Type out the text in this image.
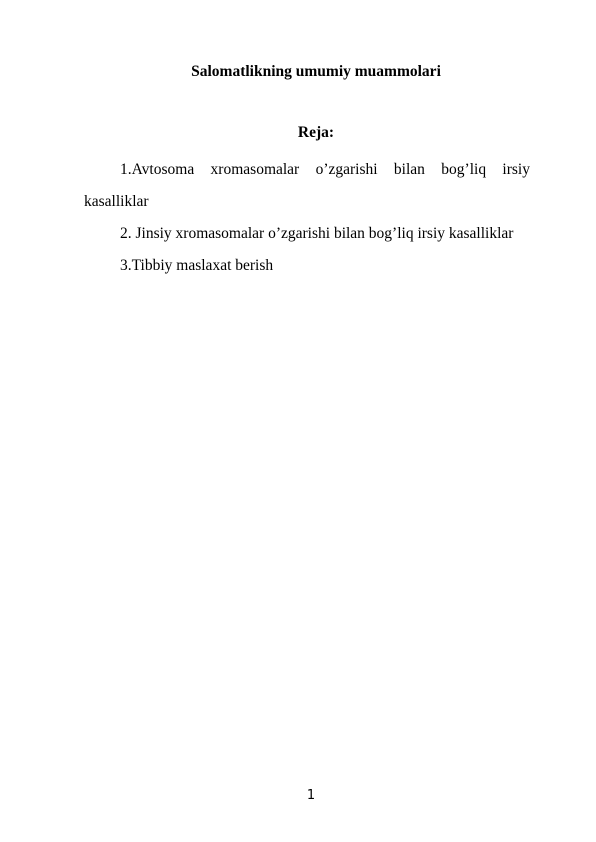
Salomatlikning umumiy muammolari
Reja:
1.Avtosoma xromasomalar o’zgarishi bilan bog’liq irsiy kasalliklar
2. Jinsiy xromasomalar o’zgarishi bilan bog’liq irsiy kasalliklar
3.Tibbiy maslaxat berish
1
